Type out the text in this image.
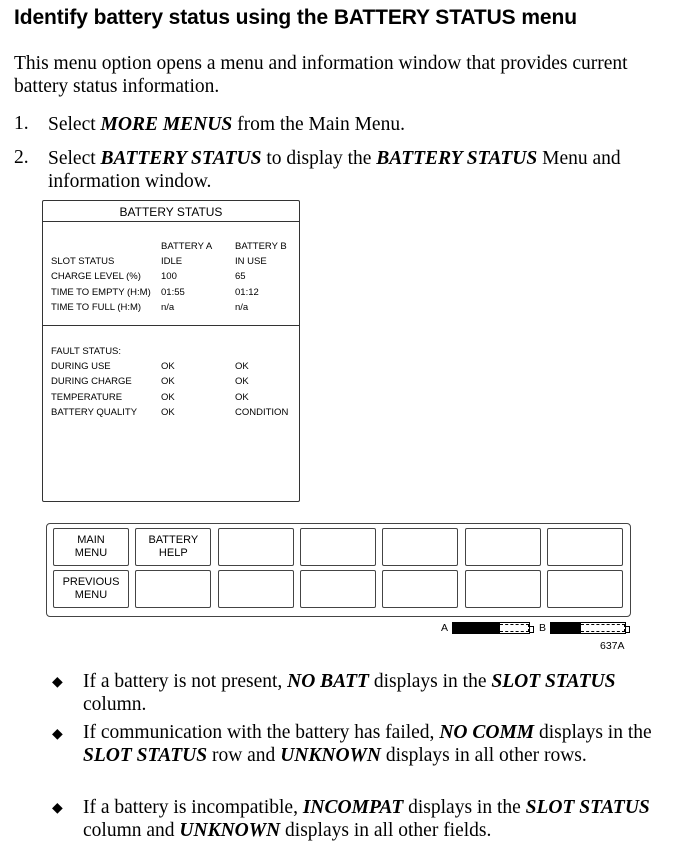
Identify battery status using the BATTERY STATUS menu
This menu option opens a menu and information window that provides current battery status information.
1. Select MORE MENUS from the Main Menu.
2. Select BATTERY STATUS to display the BATTERY STATUS Menu and information window.
BATTERY STATUS
BATTERY A BATTERY B
SLOT STATUS	IDLE	IN USE
CHARGE LEVEL (%) 100	65
TIME TO EMPTY (H:M) 01:55	01:12
TIME TO FULL (H:M) n/a	n/a
FAULT STATUS:
DURING USE	OK	OK
DURING CHARGE	OK	OK
TEMPERATURE	OK	OK
BATTERY QUALITY	OK	CONDITION
MAIN
MENU
BATTERY
HELP
PREVIOUS
MENU
A	B
637A
◆ If a battery is not present, NO BATT displays in the SLOT STATUS column.
◆ If communication with the battery has failed, NO COMM displays in the SLOT STATUS row and UNKNOWN displays in all other rows.
◆ If a battery is incompatible, INCOMPAT displays in the SLOT STATUS column and UNKNOWN displays in all other fields.
